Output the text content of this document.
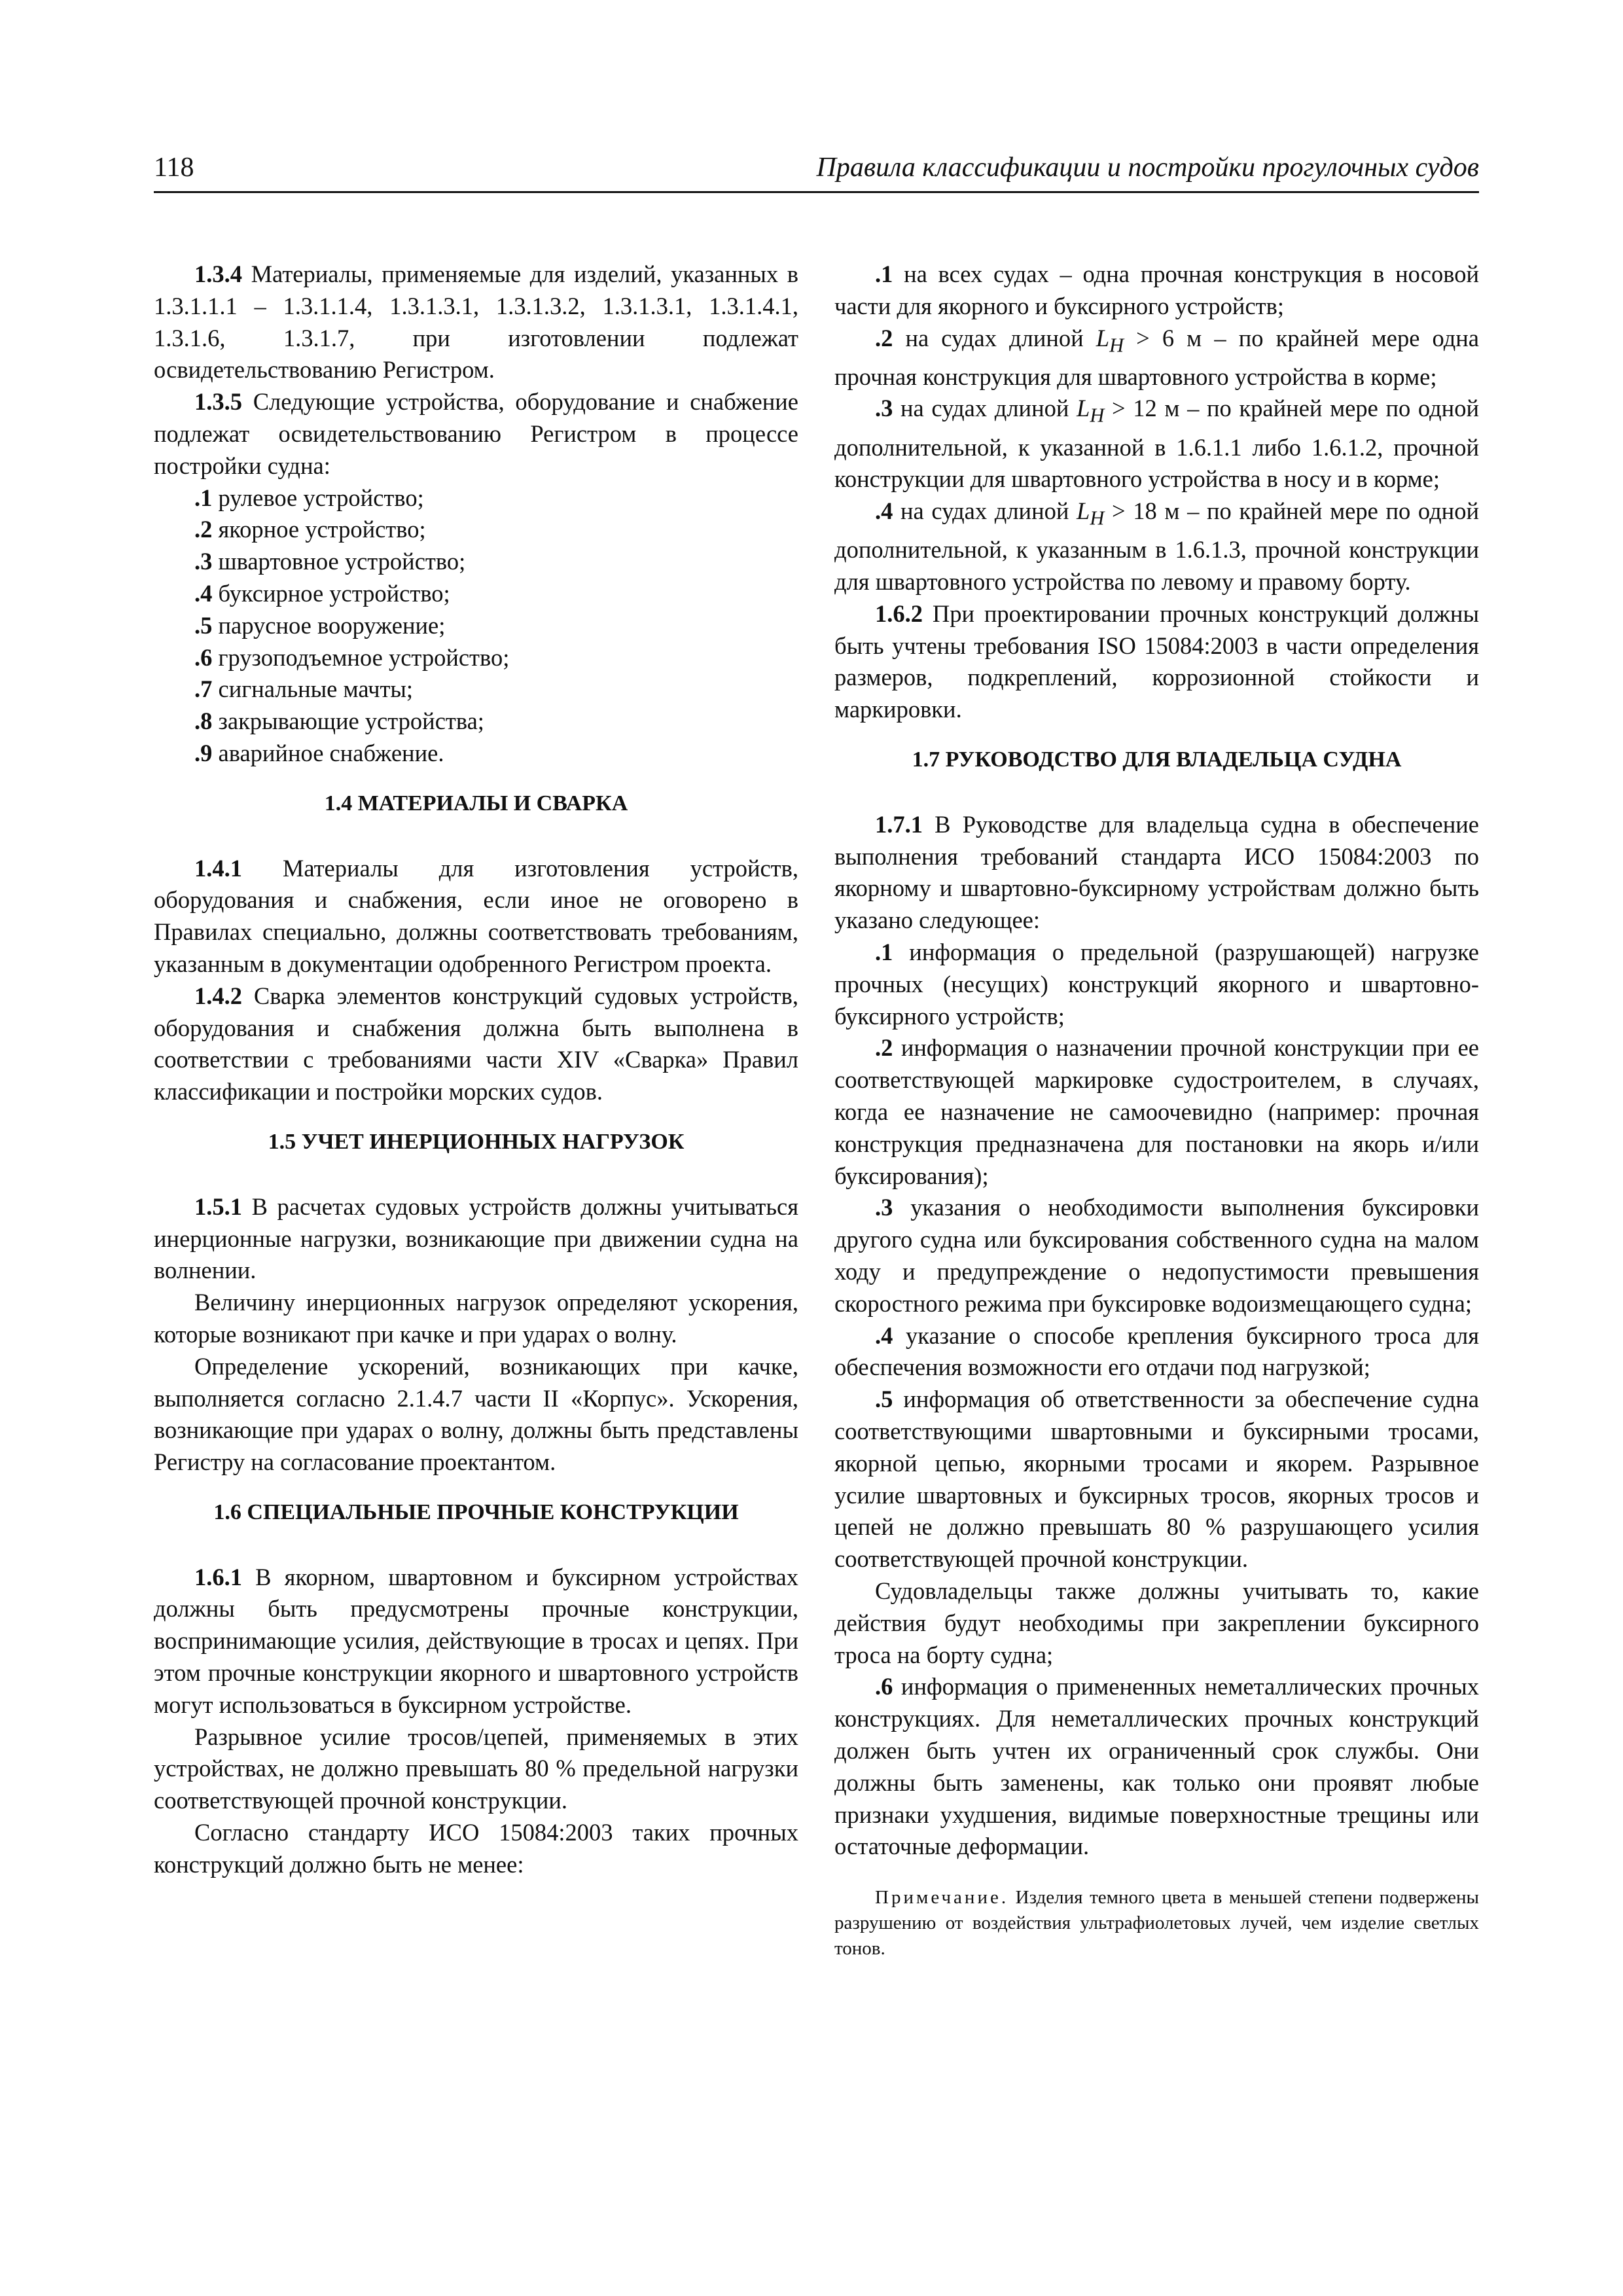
118	Правила классификации и постройки прогулочных судов

1.3.4 Материалы, применяемые для изделий, указанных в 1.3.1.1.1 – 1.3.1.1.4, 1.3.1.3.1, 1.3.1.3.2, 1.3.1.3.1, 1.3.1.4.1, 1.3.1.6, 1.3.1.7, при изготовлении подлежат освидетельствованию Регистром.

1.3.5 Следующие устройства, оборудование и снабжение подлежат освидетельствованию Регистром в процессе постройки судна:

.1 рулевое устройство;

.2 якорное устройство;

.3 швартовное устройство;

.4 буксирное устройство;

.5 парусное вооружение;

.6 грузоподъемное устройство;

.7 сигнальные мачты;

.8 закрывающие устройства;

.9 аварийное снабжение.

1.4 МАТЕРИАЛЫ И СВАРКА

1.4.1 Материалы для изготовления устройств, оборудования и снабжения, если иное не оговорено в Правилах специально, должны соответствовать требованиям, указанным в документации одобренного Регистром проекта.

1.4.2 Сварка элементов конструкций судовых устройств, оборудования и снабжения должна быть выполнена в соответствии с требованиями части XIV «Сварка» Правил классификации и постройки морских судов.

1.5 УЧЕТ ИНЕРЦИОННЫХ НАГРУЗОК

1.5.1 В расчетах судовых устройств должны учитываться инерционные нагрузки, возникающие при движении судна на волнении.

Величину инерционных нагрузок определяют ускорения, которые возникают при качке и при ударах о волну.

Определение ускорений, возникающих при качке, выполняется согласно 2.1.4.7 части II «Корпус». Ускорения, возникающие при ударах о волну, должны быть представлены Регистру на согласование проектантом.

1.6 СПЕЦИАЛЬНЫЕ ПРОЧНЫЕ КОНСТРУКЦИИ

1.6.1 В якорном, швартовном и буксирном устройствах должны быть предусмотрены прочные конструкции, воспринимающие усилия, действующие в тросах и цепях. При этом прочные конструкции якорного и швартовного устройств могут использоваться в буксирном устройстве.

Разрывное усилие тросов/цепей, применяемых в этих устройствах, не должно превышать 80 % предельной нагрузки соответствующей прочной конструкции.

Согласно стандарту ИСО 15084:2003 таких прочных конструкций должно быть не менее:

.1 на всех судах – одна прочная конструкция в носовой части для якорного и буксирного устройств;

.2 на судах длиной $L_H > 6$ м – по крайней мере одна прочная конструкция для швартовного устройства в корме;

.3 на судах длиной $L_H > 12$ м – по крайней мере по одной дополнительной, к указанной в 1.6.1.1 либо 1.6.1.2, прочной конструкции для швартовного устройства в носу и в корме;

.4 на судах длиной $L_H > 18$ м – по крайней мере по одной дополнительной, к указанным в 1.6.1.3, прочной конструкции для швартовного устройства по левому и правому борту.

1.6.2 При проектировании прочных конструкций должны быть учтены требования ISO 15084:2003 в части определения размеров, подкреплений, коррозионной стойкости и маркировки.

1.7 РУКОВОДСТВО ДЛЯ ВЛАДЕЛЬЦА СУДНА

1.7.1 В Руководстве для владельца судна в обеспечение выполнения требований стандарта ИСО 15084:2003 по якорному и швартовно-буксирному устройствам должно быть указано следующее:

.1 информация о предельной (разрушающей) нагрузке прочных (несущих) конструкций якорного и швартовно-буксирного устройств;

.2 информация о назначении прочной конструкции при ее соответствующей маркировке судостроителем, в случаях, когда ее назначение не самоочевидно (например: прочная конструкция предназначена для постановки на якорь и/или буксирования);

.3 указания о необходимости выполнения буксировки другого судна или буксирования собственного судна на малом ходу и предупреждение о недопустимости превышения скоростного режима при буксировке водоизмещающего судна;

.4 указание о способе крепления буксирного троса для обеспечения возможности его отдачи под нагрузкой;

.5 информация об ответственности за обеспечение судна соответствующими швартовными и буксирными тросами, якорной цепью, якорными тросами и якорем. Разрывное усилие швартовных и буксирных тросов, якорных тросов и цепей не должно превышать 80 % разрушающего усилия соответствующей прочной конструкции.

Судовладельцы также должны учитывать то, какие действия будут необходимы при закреплении буксирного троса на борту судна;

.6 информация о примененных неметаллических прочных конструкциях. Для неметаллических прочных конструкций должен быть учтен их ограниченный срок службы. Они должны быть заменены, как только они проявят любые признаки ухудшения, видимые поверхностные трещины или остаточные деформации.

Примечание. Изделия темного цвета в меньшей степени подвержены разрушению от воздействия ультрафиолетовых лучей, чем изделие светлых тонов.
